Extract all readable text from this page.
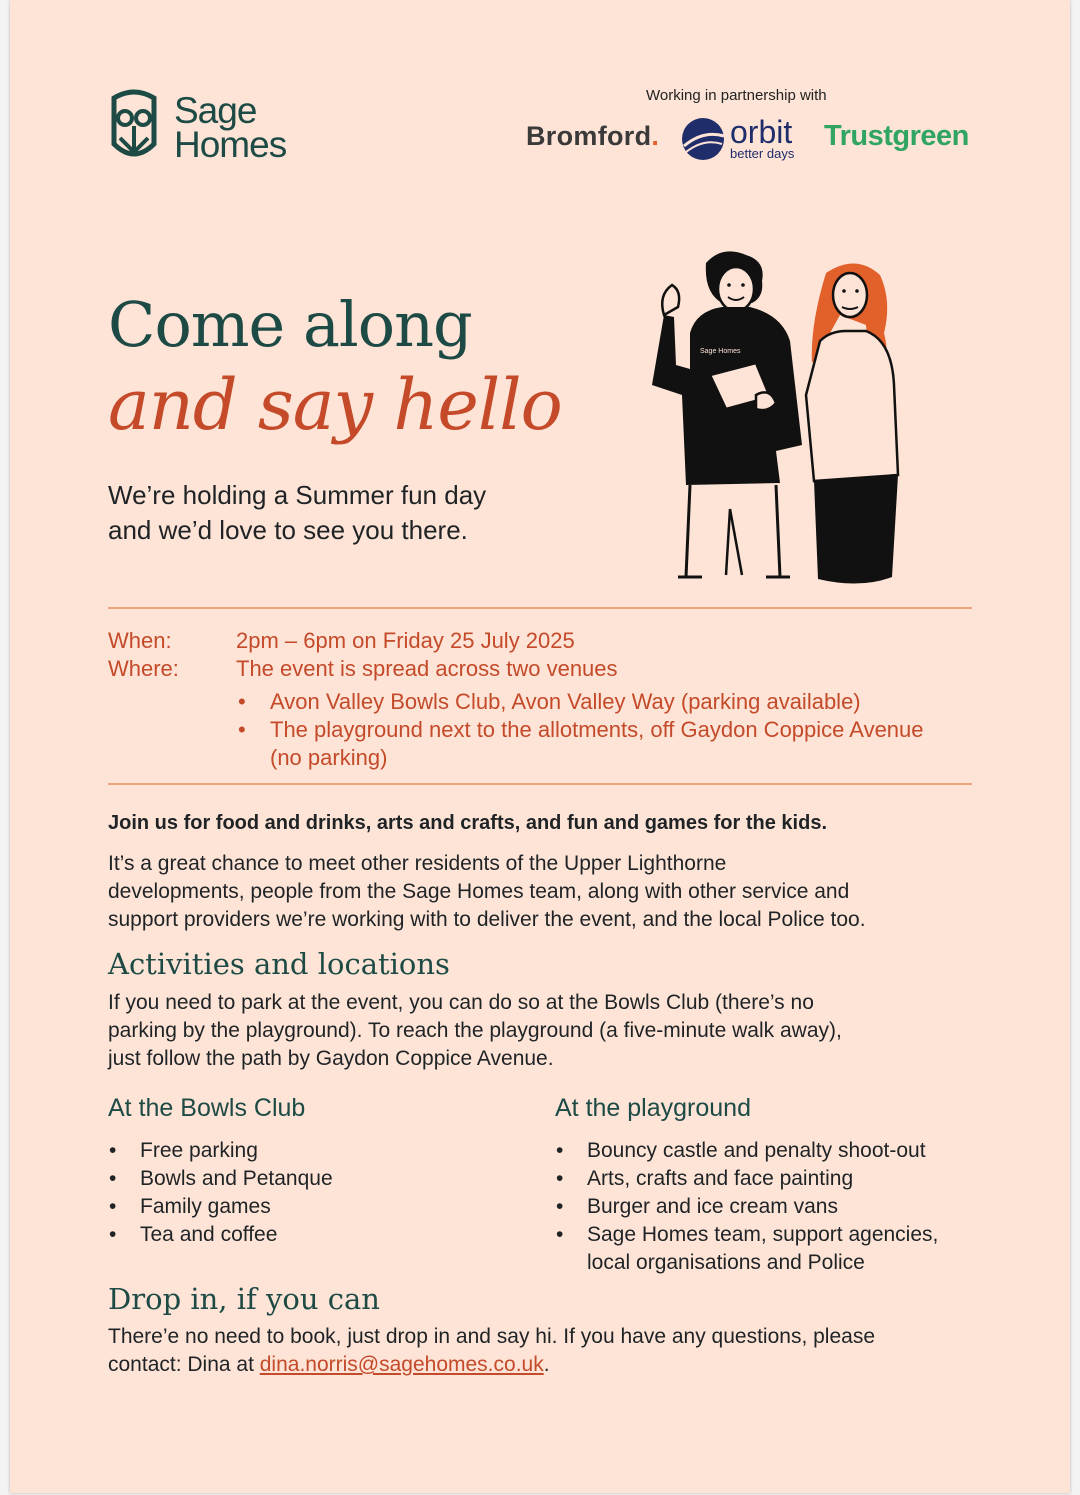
Sage
Homes
Working in partnership with
Bromford. orbit
better days
Trustgreen
Come along
and say hello
We’re holding a Summer fun day
and we’d love to see you there.
Sage Homes
When:	2pm – 6pm on Friday 25 July 2025
Where:	The event is spread across two venues
• Avon Valley Bowls Club, Avon Valley Way (parking available)
• The playground next to the allotments, off Gaydon Coppice Avenue (no parking)
Join us for food and drinks, arts and crafts, and fun and games for the kids.
It’s a great chance to meet other residents of the Upper Lighthorne
developments, people from the Sage Homes team, along with other service and
support providers we’re working with to deliver the event, and the local Police too.
Activities and locations
If you need to park at the event, you can do so at the Bowls Club (there’s no
parking by the playground). To reach the playground (a five-minute walk away),
just follow the path by Gaydon Coppice Avenue.
At the Bowls Club
• Free parking
• Bowls and Petanque
• Family games
• Tea and coffee
At the playground
• Bouncy castle and penalty shoot-out
• Arts, crafts and face painting
• Burger and ice cream vans
• Sage Homes team, support agencies, local organisations and Police
Drop in, if you can
There’e no need to book, just drop in and say hi. If you have any questions, please
contact: Dina at dina.norris@sagehomes.co.uk.
